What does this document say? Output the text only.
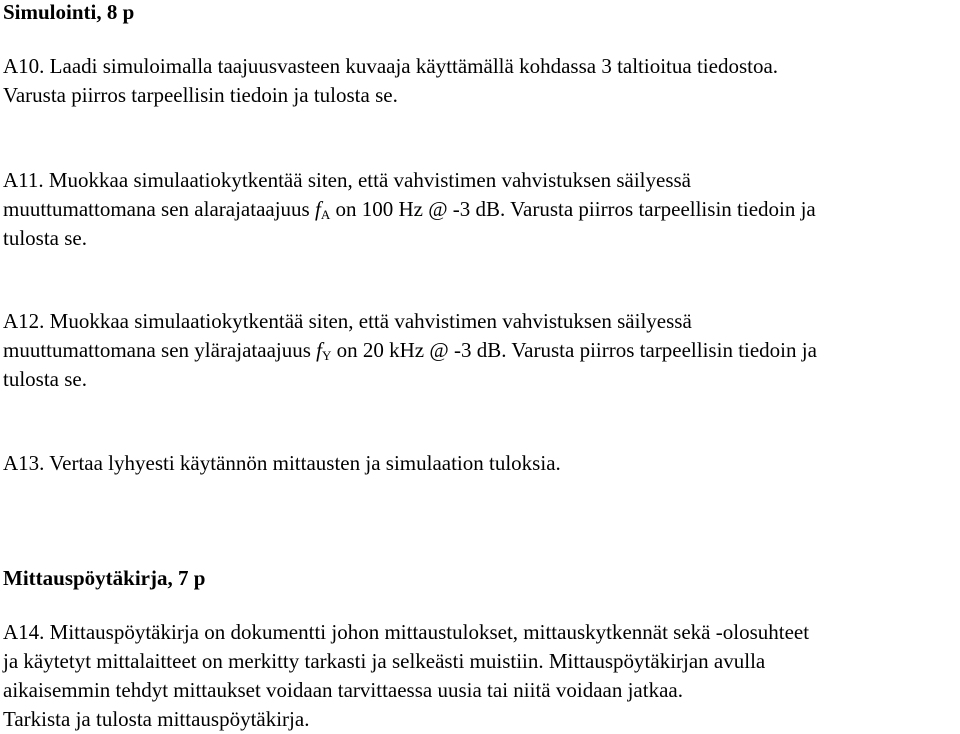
Simulointi, 8 p
A10. Laadi simuloimalla taajuusvasteen kuvaaja käyttämällä kohdassa 3 taltioitua tiedostoa.
Varusta piirros tarpeellisin tiedoin ja tulosta se.
A11. Muokkaa simulaatiokytkentää siten, että vahvistimen vahvistuksen säilyessä
muuttumattomana sen alarajataajuus $f_A$ on 100 Hz @ -3 dB. Varusta piirros tarpeellisin tiedoin ja
tulosta se.
A12. Muokkaa simulaatiokytkentää siten, että vahvistimen vahvistuksen säilyessä
muuttumattomana sen ylärajataajuus $f_Y$ on 20 kHz @ -3 dB. Varusta piirros tarpeellisin tiedoin ja
tulosta se.
A13. Vertaa lyhyesti käytännön mittausten ja simulaation tuloksia.
Mittauspöytäkirja, 7 p
A14. Mittauspöytäkirja on dokumentti johon mittaustulokset, mittauskytkennät sekä -olosuhteet
ja käytetyt mittalaitteet on merkitty tarkasti ja selkeästi muistiin. Mittauspöytäkirjan avulla
aikaisemmin tehdyt mittaukset voidaan tarvittaessa uusia tai niitä voidaan jatkaa.
Tarkista ja tulosta mittauspöytäkirja.
